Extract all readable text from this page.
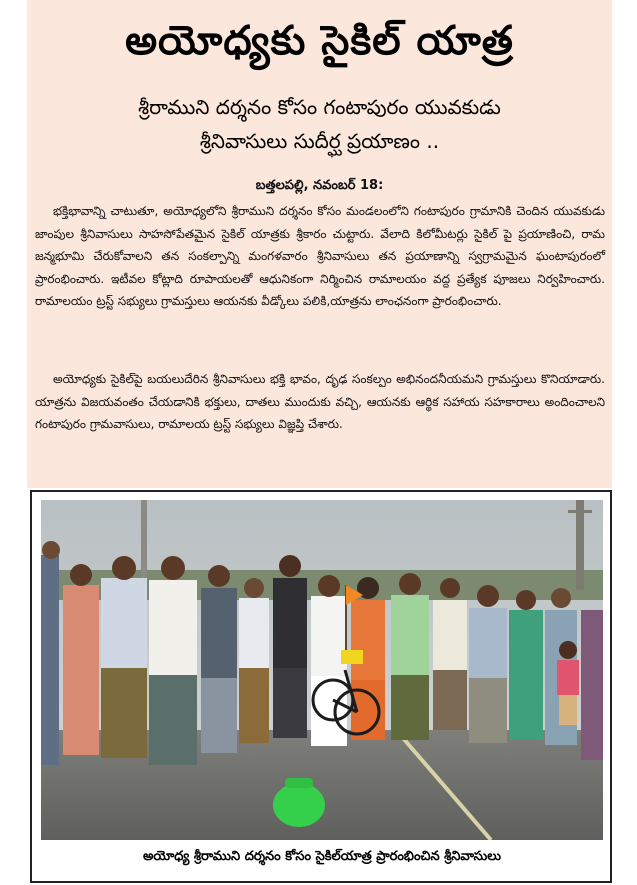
అయోధ్యకు సైకిల్ యాత్ర
శ్రీరాముని దర్శనం కోసం గంటాపురం యువకుడు
శ్రీనివాసులు సుదీర్ఘ ప్రయాణం ..
బత్తలపల్లి, నవంబర్ 18:
భక్తిభావాన్ని చాటుతూ, అయోధ్యలోని శ్రీరాముని దర్శనం కోసం మండలంలోని గంటాపురం గ్రామానికి చెందిన యువకుడు జాంపుల శ్రీనివాసులు సాహసోపేతమైన సైకిల్ యాత్రకు శ్రీకారం చుట్టారు. వేలాది కిలోమీటర్లు సైకిల్ పై ప్రయాణించి, రామ జన్మభూమి చేరుకోవాలని తన సంకల్పాన్ని మంగళవారం శ్రీనివాసులు తన ప్రయాణాన్ని స్వగ్రామమైన ఘంటాపురంలో ప్రారంభించారు. ఇటీవల కోట్లాది రూపాయలతో ఆధునికంగా నిర్మించిన రామాలయం వద్ద ప్రత్యేక పూజలు నిర్వహించారు. రామాలయం ట్రస్ట్ సభ్యులు గ్రామస్తులు ఆయనకు వీడ్కోలు పలికి,యాత్రను లాంఛనంగా ప్రారంభించారు.
అయోధ్యకు సైకిల్‌పై బయలుదేరిన శ్రీనివాసులు భక్తి భావం, దృఢ సంకల్పం అభినందనీయమని గ్రామస్తులు కొనియాడారు. యాత్రను విజయవంతం చేయడానికి భక్తులు, దాతలు ముందుకు వచ్చి, ఆయనకు ఆర్థిక సహాయ సహకారాలు అందించాలని గంటాపురం గ్రామవాసులు, రామాలయ ట్రస్ట్ సభ్యులు విజ్ఞప్తి చేశారు.
అయోధ్య శ్రీరాముని దర్శనం కోసం సైకిల్‌యాత్ర ప్రారంభించిన శ్రీనివాసులు
